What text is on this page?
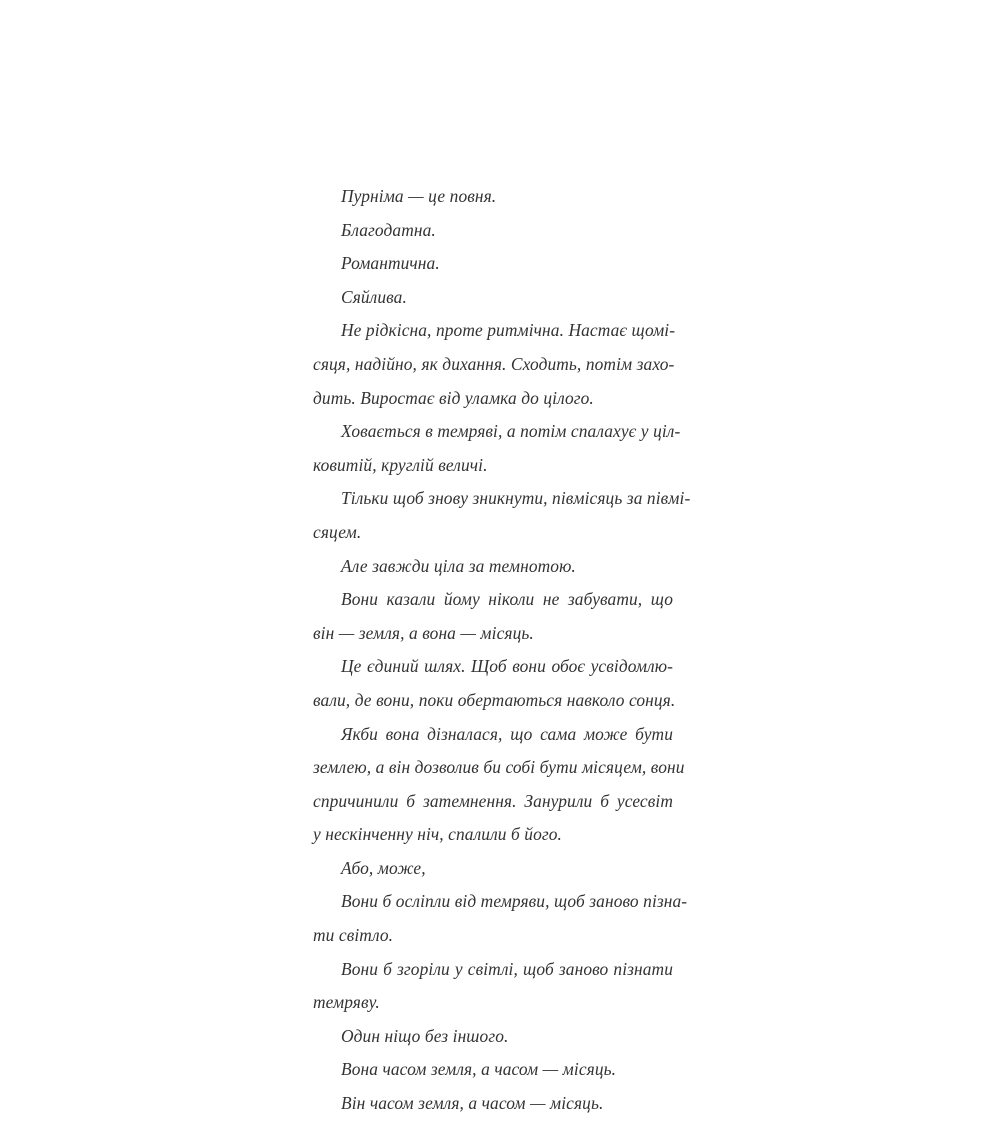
Пурніма — це повня.
Благодатна.
Романтична.
Сяйлива.
Не рідкісна, проте ритмічна. Настає щомі-
сяця, надійно, як дихання. Сходить, потім захо-
дить. Виростає від уламка до цілого.
Ховається в темряві, а потім спалахує у ціл-
ковитій, круглій величі.
Тільки щоб знову зникнути, півмісяць за півмі-
сяцем.
Але завжди ціла за темнотою.
Вони казали йому ніколи не забувати, що
він — земля, а вона — місяць.
Це єдиний шлях. Щоб вони обоє усвідомлю-
вали, де вони, поки обертаються навколо сонця.
Якби вона дізналася, що сама може бути
землею, а він дозволив би собі бути місяцем, вони
спричинили б затемнення. Занурили б усесвіт
у нескінченну ніч, спалили б його.
Або, може,
Вони б осліпли від темряви, щоб заново пізна-
ти світло.
Вони б згоріли у світлі, щоб заново пізнати
темряву.
Один ніщо без іншого.
Вона часом земля, а часом — місяць.
Він часом земля, а часом — місяць.
